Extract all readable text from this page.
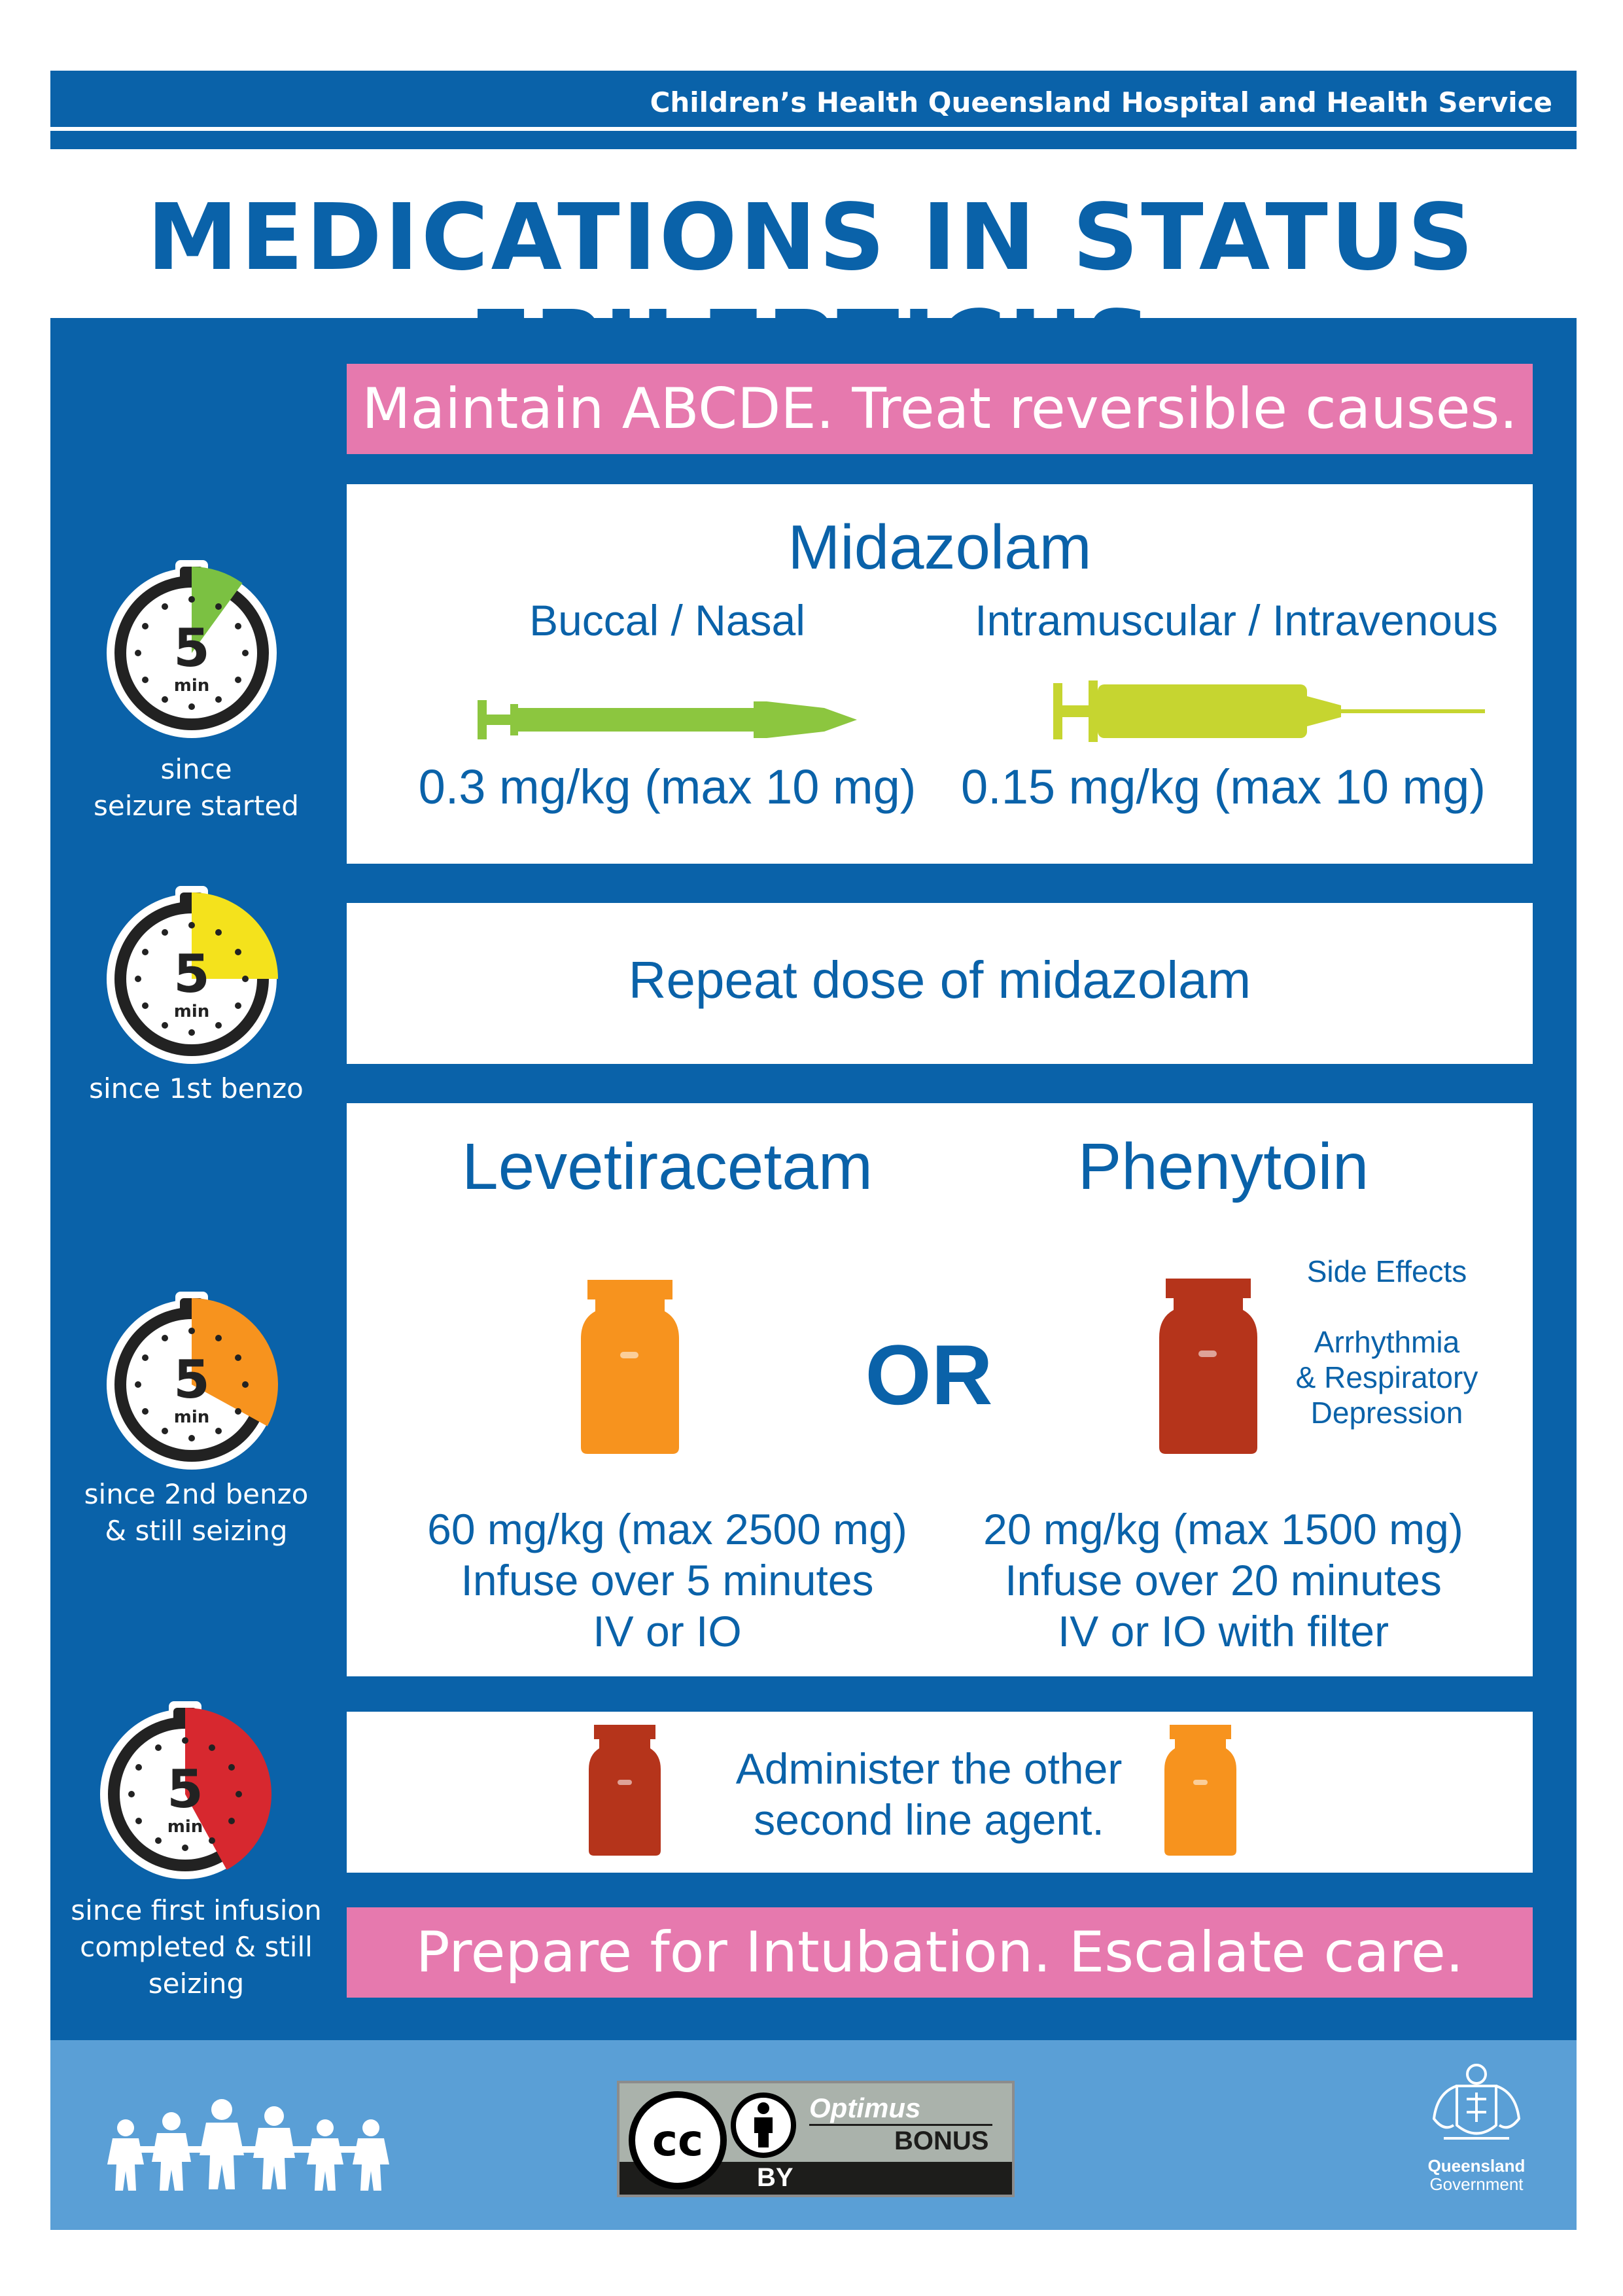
Children’s Health Queensland Hospital and Health Service
MEDICATIONS IN STATUS
Maintain ABCDE. Treat reversible causes.
5
min
since
seizure started
5
min
since 1st benzo
5
min
since 2nd benzo
& still seizing
5
min
since first infusion
completed & still
seizing
Midazolam
Buccal / Nasal	Intramuscular / Intravenous
0.3 mg/kg (max 10 mg) 0.15 mg/kg (max 10 mg)
Repeat dose of midazolam
Levetiracetam	Phenytoin
OR
Side Effects
Arrhythmia
& Respiratory
Depression
60 mg/kg (max 2500 mg)
Infuse over 5 minutes
IV or IO
20 mg/kg (max 1500 mg)
Infuse over 20 minutes
IV or IO with filter
Administer the other
second line agent.
Prepare for Intubation. Escalate care.
cc
BY
Optimus
BONUS
Queensland
Government
